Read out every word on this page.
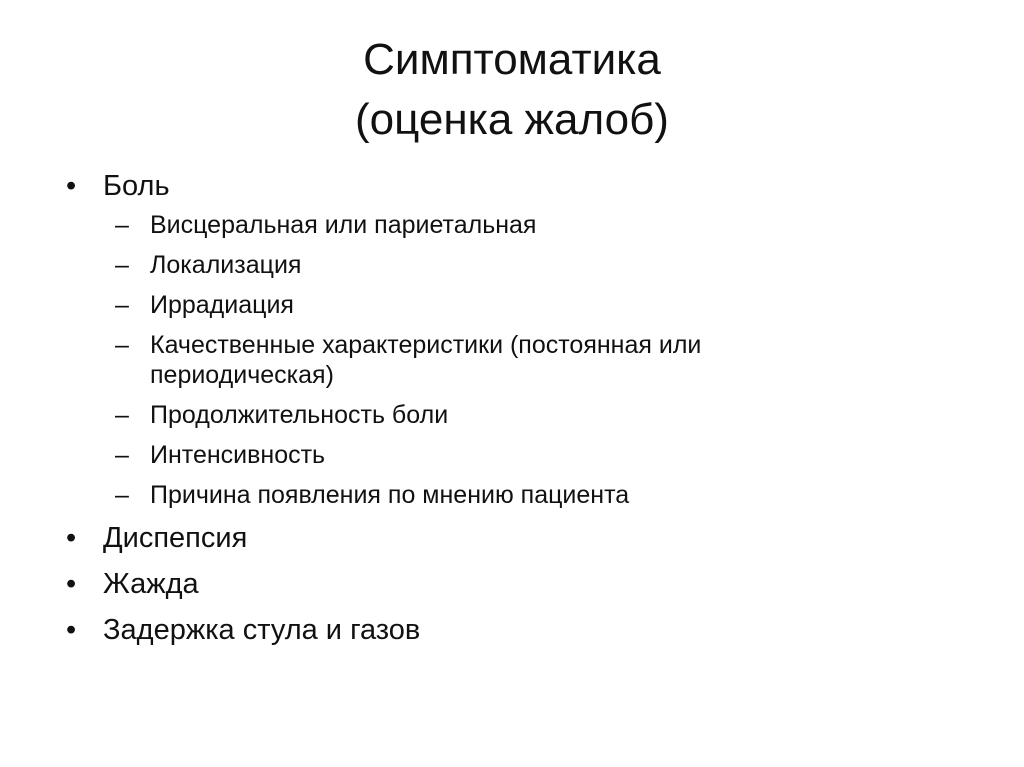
Симптоматика
(оценка жалоб)

• Боль

– Висцеральная или париетальная

– Локализация

– Иррадиация

– Качественные характеристики (постоянная или периодическая)

– Продолжительность боли

– Интенсивность

– Причина появления по мнению пациента

• Диспепсия

• Жажда

• Задержка стула и газов
